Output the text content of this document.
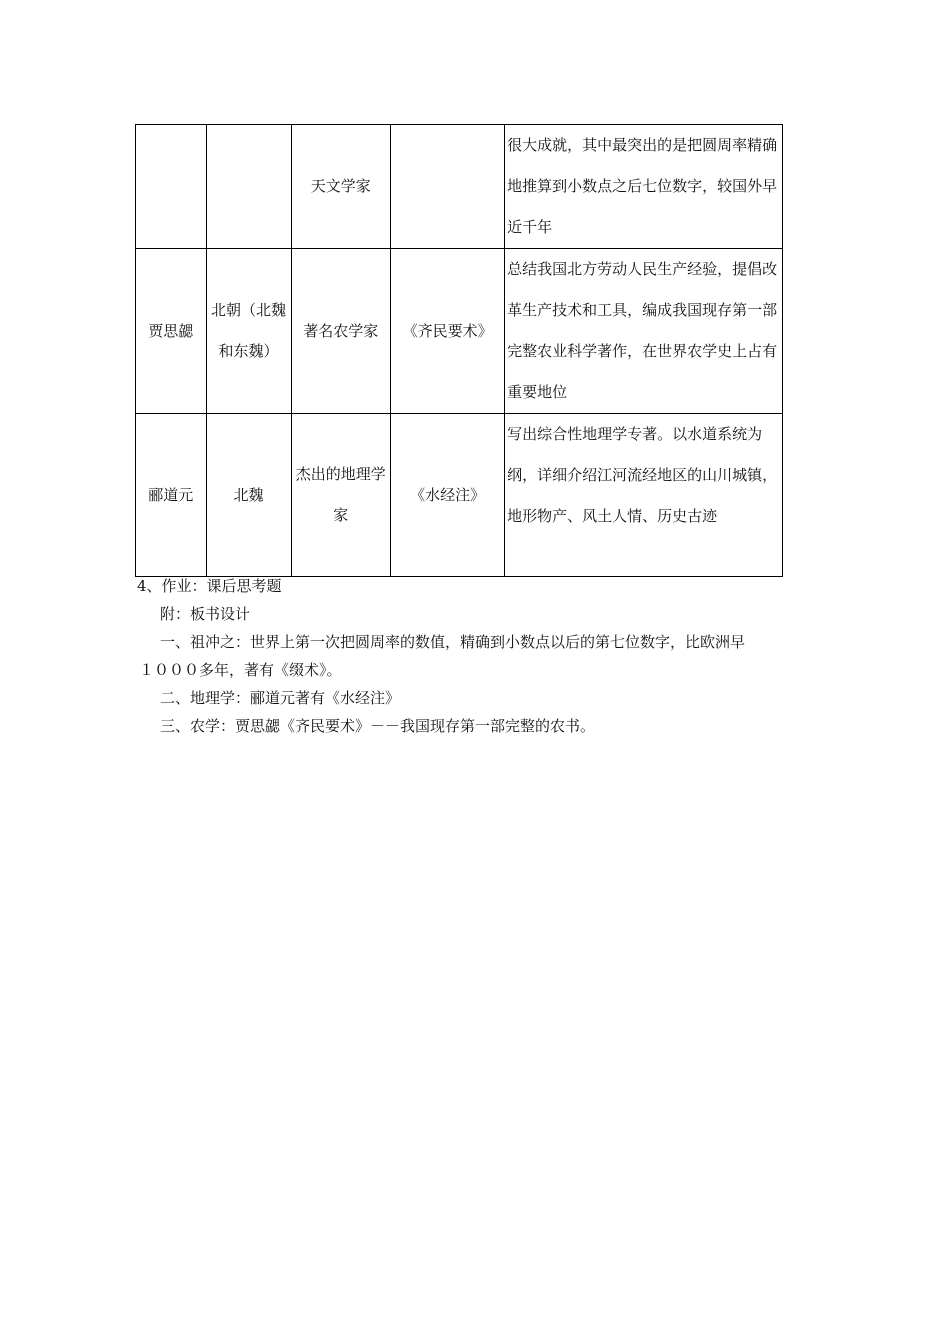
		天文学家		很大成就，其中最突出的是把圆周率精确地推算到小数点之后七位数字，较国外早近千年
贾思勰	北朝（北魏和东魏）	著名农学家	《齐民要术》	总结我国北方劳动人民生产经验，提倡改革生产技术和工具，编成我国现存第一部完整农业科学著作，在世界农学史上占有重要地位
郦道元	北魏	杰出的地理学家	《水经注》	写出综合性地理学专著。以水道系统为纲，详细介绍江河流经地区的山川城镇，地形物产、风土人情、历史古迹

4、作业：课后思考题

附：板书设计

一、祖冲之：世界上第一次把圆周率的数值，精确到小数点以后的第七位数字，比欧洲早

１０００多年，著有《缀术》。

二、地理学：郦道元著有《水经注》

三、农学：贾思勰《齐民要术》－－我国现存第一部完整的农书。
